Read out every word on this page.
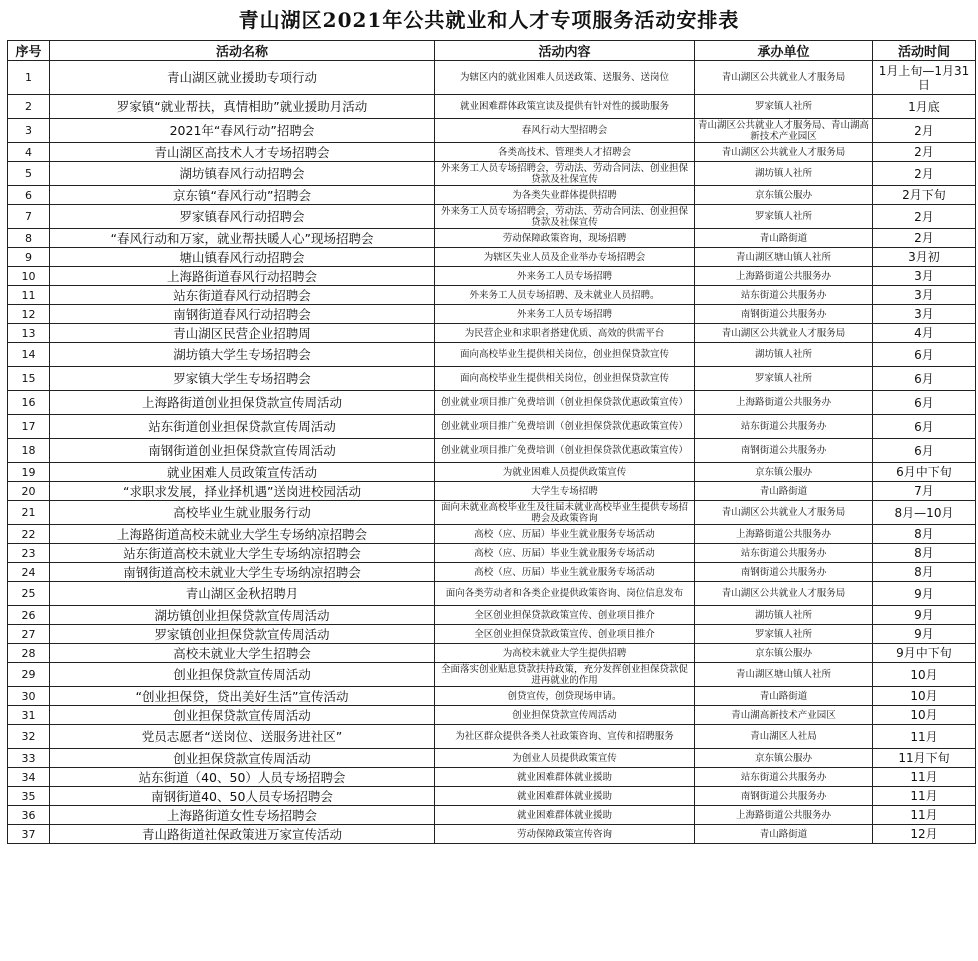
青山湖区2021年公共就业和人才专项服务活动安排表
序号	活动名称	活动内容	承办单位	活动时间
1	青山湖区就业援助专项行动	为辖区内的就业困难人员送政策、送服务、送岗位	青山湖区公共就业人才服务局	1月上旬—1月31日
2	罗家镇“就业帮扶，真情相助”就业援助月活动	就业困难群体政策宣读及提供有针对性的援助服务	罗家镇人社所	1月底
3	2021年“春风行动”招聘会	春风行动大型招聘会	青山湖区公共就业人才服务局、青山湖高新技术产业园区	2月
4	青山湖区高技术人才专场招聘会	各类高技术、管理类人才招聘会	青山湖区公共就业人才服务局	2月
5	湖坊镇春风行动招聘会	外来务工人员专场招聘会，劳动法、劳动合同法、创业担保贷款及社保宣传	湖坊镇人社所	2月
6	京东镇“春风行动”招聘会	为各类失业群体提供招聘	京东镇公服办	2月下旬
7	罗家镇春风行动招聘会	外来务工人员专场招聘会，劳动法、劳动合同法、创业担保贷款及社保宣传	罗家镇人社所	2月
8	“春风行动和万家，就业帮扶暖人心”现场招聘会	劳动保障政策咨询，现场招聘	青山路街道	2月
9	塘山镇春风行动招聘会	为辖区失业人员及企业举办专场招聘会	青山湖区塘山镇人社所	3月初
10	上海路街道春风行动招聘会	外来务工人员专场招聘	上海路街道公共服务办	3月
11	站东街道春风行动招聘会	外来务工人员专场招聘、及未就业人员招聘。	站东街道公共服务办	3月
12	南钢街道春风行动招聘会	外来务工人员专场招聘	南钢街道公共服务办	3月
13	青山湖区民营企业招聘周	为民营企业和求职者搭建优质、高效的供需平台	青山湖区公共就业人才服务局	4月
14	湖坊镇大学生专场招聘会	面向高校毕业生提供相关岗位，创业担保贷款宣传	湖坊镇人社所	6月
15	罗家镇大学生专场招聘会	面向高校毕业生提供相关岗位，创业担保贷款宣传	罗家镇人社所	6月
16	上海路街道创业担保贷款宣传周活动	创业就业项目推广免费培训（创业担保贷款优惠政策宣传）	上海路街道公共服务办	6月
17	站东街道创业担保贷款宣传周活动	创业就业项目推广免费培训（创业担保贷款优惠政策宣传）	站东街道公共服务办	6月
18	南钢街道创业担保贷款宣传周活动	创业就业项目推广免费培训（创业担保贷款优惠政策宣传）	南钢街道公共服务办	6月
19	就业困难人员政策宣传活动	为就业困难人员提供政策宣传	京东镇公服办	6月中下旬
20	“求职求发展，择业择机遇”送岗进校园活动	大学生专场招聘	青山路街道	7月
21	高校毕业生就业服务行动	面向未就业高校毕业生及往届未就业高校毕业生提供专场招聘会及政策咨询	青山湖区公共就业人才服务局	8月—10月
22	上海路街道高校未就业大学生专场纳凉招聘会	高校（应、历届）毕业生就业服务专场活动	上海路街道公共服务办	8月
23	站东街道高校未就业大学生专场纳凉招聘会	高校（应、历届）毕业生就业服务专场活动	站东街道公共服务办	8月
24	南钢街道高校未就业大学生专场纳凉招聘会	高校（应、历届）毕业生就业服务专场活动	南钢街道公共服务办	8月
25	青山湖区金秋招聘月	面向各类劳动者和各类企业提供政策咨询、岗位信息发布	青山湖区公共就业人才服务局	9月
26	湖坊镇创业担保贷款宣传周活动	全区创业担保贷款政策宣传、创业项目推介	湖坊镇人社所	9月
27	罗家镇创业担保贷款宣传周活动	全区创业担保贷款政策宣传、创业项目推介	罗家镇人社所	9月
28	高校未就业大学生招聘会	为高校未就业大学生提供招聘	京东镇公服办	9月中下旬
29	创业担保贷款宣传周活动	全面落实创业贴息贷款扶持政策，充分发挥创业担保贷款促进再就业的作用	青山湖区塘山镇人社所	10月
30	“创业担保贷，贷出美好生活”宣传活动	创贷宣传，创贷现场申请。	青山路街道	10月
31	创业担保贷款宣传周活动	创业担保贷款宣传周活动	青山湖高新技术产业园区	10月
32	党员志愿者“送岗位、送服务进社区”	为社区群众提供各类人社政策咨询、宣传和招聘服务	青山湖区人社局	11月
33	创业担保贷款宣传周活动	为创业人员提供政策宣传	京东镇公服办	11月下旬
34	站东街道（40、50）人员专场招聘会	就业困难群体就业援助	站东街道公共服务办	11月
35	南钢街道40、50人员专场招聘会	就业困难群体就业援助	南钢街道公共服务办	11月
36	上海路街道女性专场招聘会	就业困难群体就业援助	上海路街道公共服务办	11月
37	青山路街道社保政策进万家宣传活动	劳动保障政策宣传咨询	青山路街道	12月
